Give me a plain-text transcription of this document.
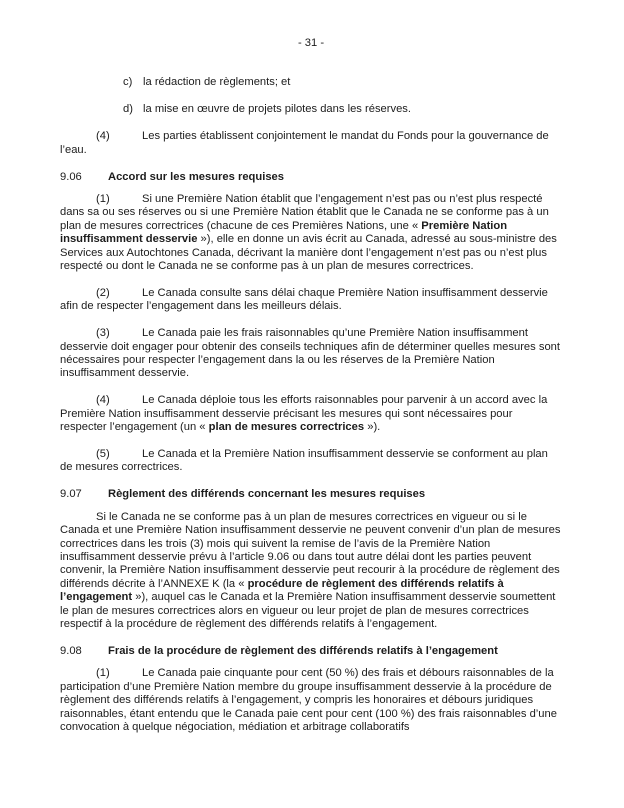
- 31 -
c) la rédaction de règlements; et
d) la mise en œuvre de projets pilotes dans les réserves.

(4)	Les parties établissent conjointement le mandat du Fonds pour la gouvernance de l’eau.

9.06 Accord sur les mesures requises

(1)	Si une Première Nation établit que l’engagement n’est pas ou n’est plus respecté dans sa ou ses réserves ou si une Première Nation établit que le Canada ne se conforme pas à un plan de mesures correctrices (chacune de ces Premières Nations, une « Première Nation insuffisamment desservie »), elle en donne un avis écrit au Canada, adressé au sous-ministre des Services aux Autochtones Canada, décrivant la manière dont l’engagement n’est pas ou n’est plus respecté ou dont le Canada ne se conforme pas à un plan de mesures correctrices.

(2)	Le Canada consulte sans délai chaque Première Nation insuffisamment desservie afin de respecter l’engagement dans les meilleurs délais.

(3)	Le Canada paie les frais raisonnables qu’une Première Nation insuffisamment desservie doit engager pour obtenir des conseils techniques afin de déterminer quelles mesures sont nécessaires pour respecter l’engagement dans la ou les réserves de la Première Nation insuffisamment desservie.

(4)	Le Canada déploie tous les efforts raisonnables pour parvenir à un accord avec la Première Nation insuffisamment desservie précisant les mesures qui sont nécessaires pour respecter l’engagement (un « plan de mesures correctrices »).

(5)	Le Canada et la Première Nation insuffisamment desservie se conforment au plan de mesures correctrices.

9.07 Règlement des différends concernant les mesures requises

Si le Canada ne se conforme pas à un plan de mesures correctrices en vigueur ou si le Canada et une Première Nation insuffisamment desservie ne peuvent convenir d’un plan de mesures correctrices dans les trois (3) mois qui suivent la remise de l’avis de la Première Nation insuffisamment desservie prévu à l’article 9.06 ou dans tout autre délai dont les parties peuvent convenir, la Première Nation insuffisamment desservie peut recourir à la procédure de règlement des différends décrite à l’ANNEXE K (la « procédure de règlement des différends relatifs à l’engagement »), auquel cas le Canada et la Première Nation insuffisamment desservie soumettent le plan de mesures correctrices alors en vigueur ou leur projet de plan de mesures correctrices respectif à la procédure de règlement des différends relatifs à l’engagement.

9.08 Frais de la procédure de règlement des différends relatifs à l’engagement

(1)	Le Canada paie cinquante pour cent (50 %) des frais et débours raisonnables de la participation d’une Première Nation membre du groupe insuffisamment desservie à la procédure de règlement des différends relatifs à l’engagement, y compris les honoraires et débours juridiques raisonnables, étant entendu que le Canada paie cent pour cent (100 %) des frais raisonnables d’une convocation à quelque négociation, médiation et arbitrage collaboratifs
